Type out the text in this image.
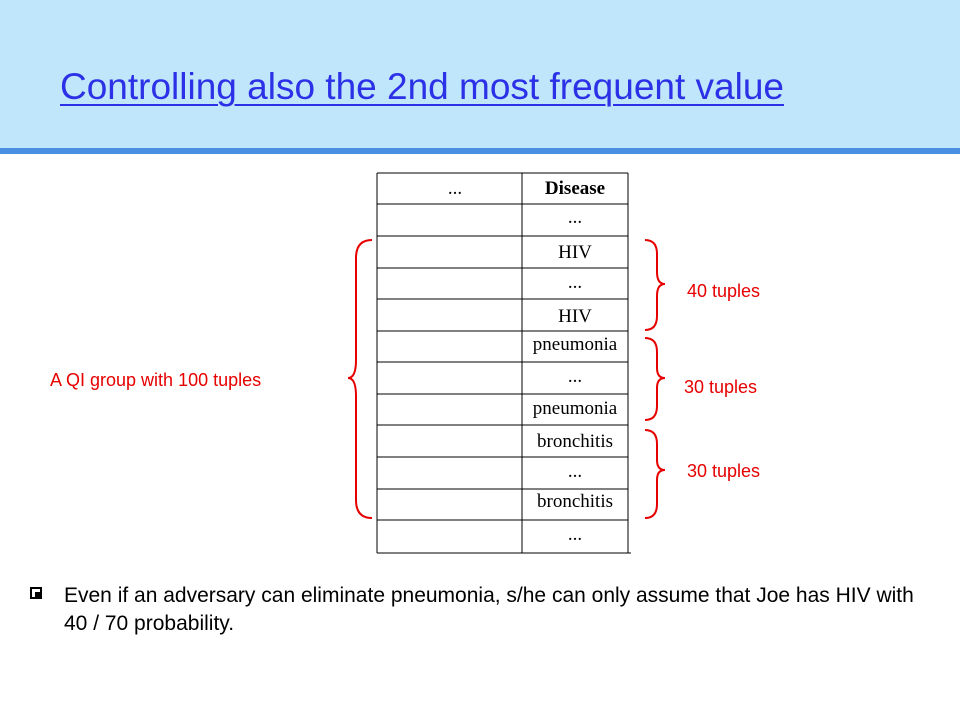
Controlling also the 2nd most frequent value
...	Disease
...
HIV
...
HIV
pneumonia
...
pneumonia
bronchitis
...
bronchitis
...
A QI group with 100 tuples
40 tuples
30 tuples
30 tuples
Even if an adversary can eliminate pneumonia, s/he can only assume that Joe has HIV with 40 / 70 probability.
